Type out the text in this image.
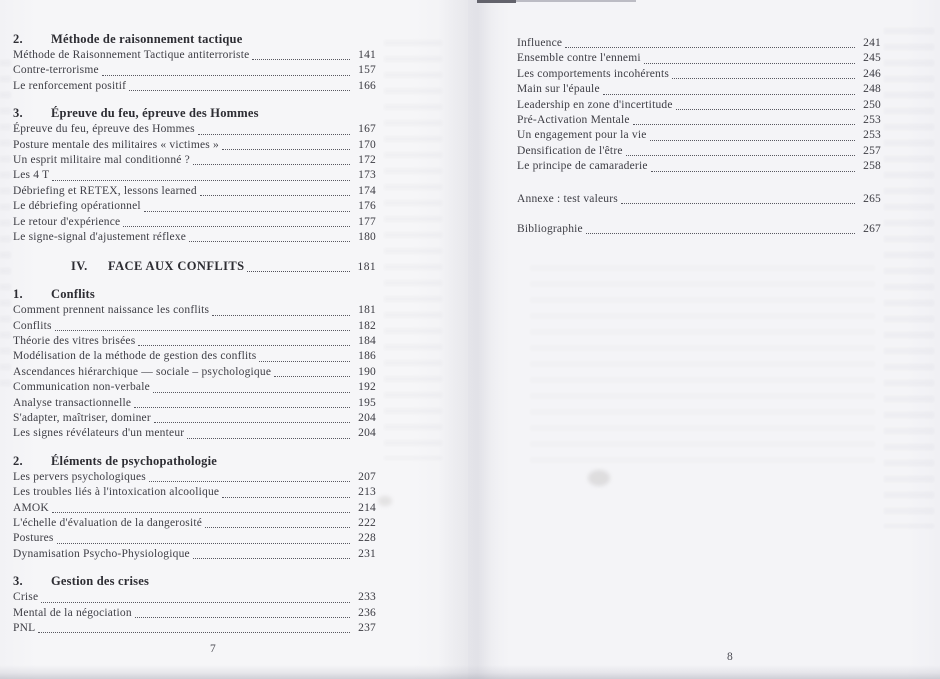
2.	Méthode de raisonnement tactique
Méthode de Raisonnement Tactique antiterroriste	141
Contre-terrorisme	157
Le renforcement positif	166
3.	Épreuve du feu, épreuve des Hommes
Épreuve du feu, épreuve des Hommes	167
Posture mentale des militaires « victimes »	170
Un esprit militaire mal conditionné ?	172
Les 4 T	173
Débriefing et RETEX, lessons learned	174
Le débriefing opérationnel	176
Le retour d'expérience	177
Le signe-signal d'ajustement réflexe	180
IV.	FACE AUX CONFLITS	181
1.	Conflits
Comment prennent naissance les conflits	181
Conflits	182
Théorie des vitres brisées	184
Modélisation de la méthode de gestion des conflits	186
Ascendances hiérarchique — sociale – psychologique	190
Communication non-verbale	192
Analyse transactionnelle	195
S'adapter, maîtriser, dominer	204
Les signes révélateurs d'un menteur	204
2.	Éléments de psychopathologie
Les pervers psychologiques	207
Les troubles liés à l'intoxication alcoolique	213
AMOK	214
L'échelle d'évaluation de la dangerosité	222
Postures	228
Dynamisation Psycho-Physiologique	231
3.	Gestion des crises
Crise	233
Mental de la négociation	236
PNL	237
7
Influence	241
Ensemble contre l'ennemi	245
Les comportements incohérents	246
Main sur l'épaule	248
Leadership en zone d'incertitude	250
Pré-Activation Mentale	253
Un engagement pour la vie	253
Densification de l'être	257
Le principe de camaraderie	258
Annexe : test valeurs	265
Bibliographie	267
8
